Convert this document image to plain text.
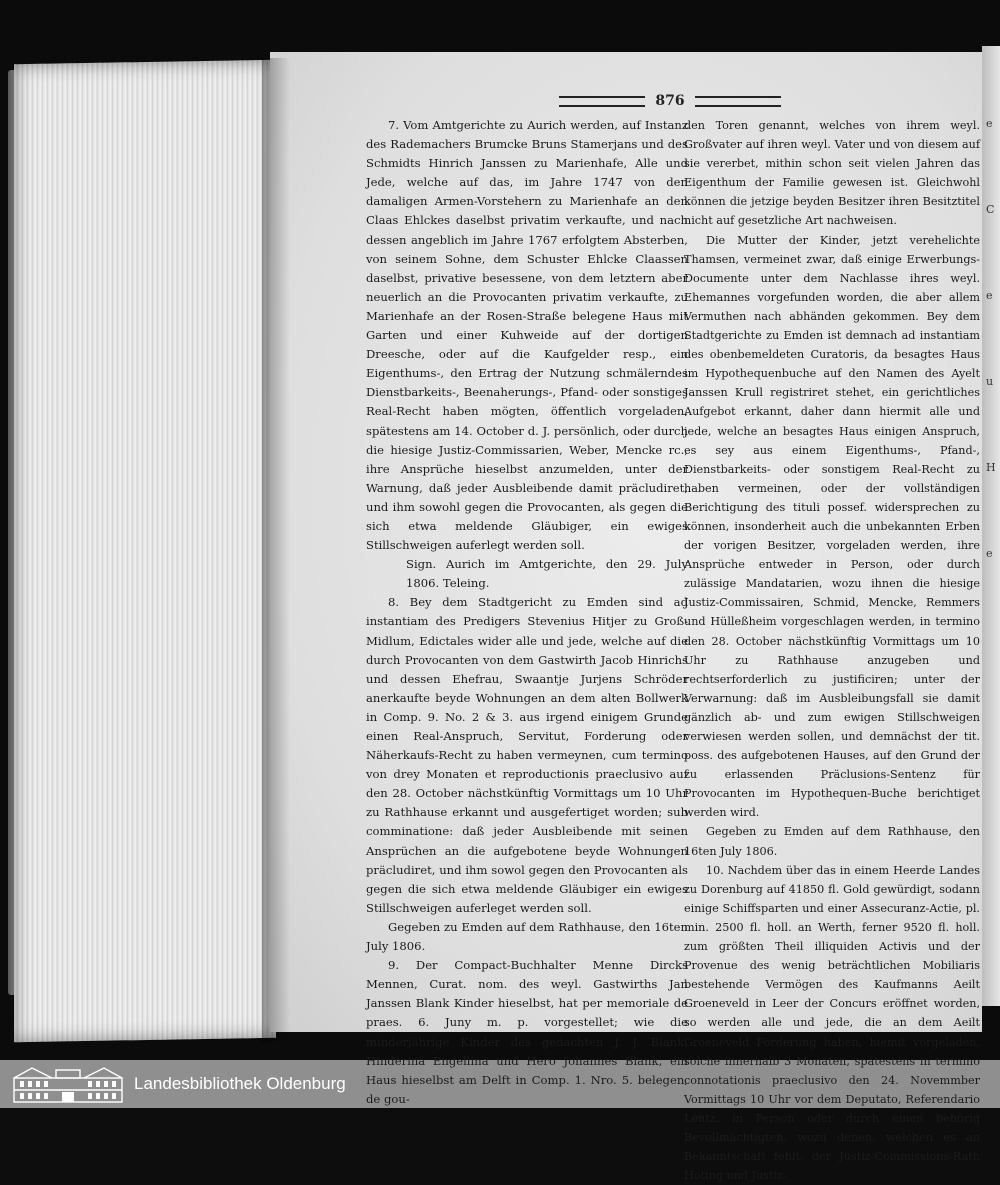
e
C
e
u
H
e
876

7. Vom Amtgerichte zu Aurich werden, auf Instanz des Rademachers Brumcke Bruns Stamerjans und des Schmidts Hinrich Janssen zu Marienhafe, Alle und Jede, welche auf das, im Jahre 1747 von den damaligen Armen-Vorstehern zu Marienhafe an den Claas Ehlckes daselbst privatim verkaufte, und nach dessen angeblich im Jahre 1767 erfolgtem Absterben, von seinem Sohne, dem Schuster Ehlcke Claassen daselbst, privative besessene, von dem letztern aber neuerlich an die Provocanten privatim verkaufte, zu Marienhafe an der Rosen-Straße belegene Haus mit Garten und einer Kuhweide auf der dortigen Dreesche, oder auf die Kaufgelder resp., ein Eigenthums-, den Ertrag der Nutzung schmälerndes Dienstbarkeits-, Beenaherungs-, Pfand- oder sonstiges Real-Recht haben mögten, öffentlich vorgeladen, spätestens am 14. October d. J. persönlich, oder durch die hiesige Justiz-Commissarien, Weber, Mencke rc., ihre Ansprüche hieselbst anzumelden, unter der Warnung, daß jeder Ausbleibende damit präcludiret, und ihm sowohl gegen die Provocanten, als gegen die sich etwa meldende Gläubiger, ein ewiges Stillschweigen auferlegt werden soll.

Sign. Aurich im Amtgerichte, den 29. July 1806. Teleing.

8. Bey dem Stadtgericht zu Emden sind ad instantiam des Predigers Stevenius Hitjer zu Groß-Midlum, Edictales wider alle und jede, welche auf die durch Provocanten von dem Gastwirth Jacob Hinrichs und dessen Ehefrau, Swaantje Jurjens Schröder anerkaufte beyde Wohnungen an dem alten Bollwerk in Comp. 9. No. 2 & 3. aus irgend einigem Grunde einen Real-Anspruch, Servitut, Forderung oder Näherkaufs-Recht zu haben vermeynen, cum termino von drey Monaten et reproductionis praeclusivo auf den 28. October nächstkünftig Vormittags um 10 Uhr zu Rathhause erkannt und ausgefertiget worden; sub comminatione: daß jeder Ausbleibende mit seinen Ansprüchen an die aufgebotene beyde Wohnungen präcludiret, und ihm sowol gegen den Provocanten als gegen die sich etwa meldende Gläubiger ein ewiges Stillschweigen auferleget werden soll.

Gegeben zu Emden auf dem Rathhause, den 16ten July 1806.

9. Der Compact-Buchhalter Menne Dircks Mennen, Curat. nom. des weyl. Gastwirths Jan Janssen Blank Kinder hieselbst, hat per memoriale de praes. 6. Juny m. p. vorgestellet; wie die minderjährige Kinder des gedachten J. J. Blank, Hinderina Engellina und Hero Johannes Blank, ein Haus hieselbst am Delft in Comp. 1. Nro. 5. belegen, de gou-

den Toren genannt, welches von ihrem weyl. Großvater auf ihren weyl. Vater und von diesem auf sie vererbet, mithin schon seit vielen Jahren das Eigenthum der Familie gewesen ist. Gleichwohl können die jetzige beyden Besitzer ihren Besitztitel nicht auf gesetzliche Art nachweisen.

Die Mutter der Kinder, jetzt verehelichte Thamsen, vermeinet zwar, daß einige Erwerbungs-Documente unter dem Nachlasse ihres weyl. Ehemannes vorgefunden worden, die aber allem Vermuthen nach abhänden gekommen. Bey dem Stadtgerichte zu Emden ist demnach ad instantiam des obenbemeldeten Curatoris, da besagtes Haus im Hypothequenbuche auf den Namen des Ayelt Janssen Krull registriret stehet, ein gerichtliches Aufgebot erkannt, daher dann hiermit alle und jede, welche an besagtes Haus einigen Anspruch, es sey aus einem Eigenthums-, Pfand-, Dienstbarkeits- oder sonstigem Real-Recht zu haben vermeinen, oder der vollständigen Berichtigung des tituli possef. widersprechen zu können, insonderheit auch die unbekannten Erben der vorigen Besitzer, vorgeladen werden, ihre Ansprüche entweder in Person, oder durch zulässige Mandatarien, wozu ihnen die hiesige Justiz-Commissairen, Schmid, Mencke, Remmers und Hülleßheim vorgeschlagen werden, in termino den 28. October nächstkünftig Vormittags um 10 Uhr zu Rathhause anzugeben und rechtserforderlich zu justificiren; unter der Verwarnung: daß im Ausbleibungsfall sie damit gänzlich ab- und zum ewigen Stillschweigen verwiesen werden sollen, und demnächst der tit. poss. des aufgebotenen Hauses, auf den Grund der zu erlassenden Präclusions-Sentenz für Provocanten im Hypothequen-Buche berichtiget werden wird.

Gegeben zu Emden auf dem Rathhause, den 16ten July 1806.

10. Nachdem über das in einem Heerde Landes zu Dorenburg auf 41850 fl. Gold gewürdigt, sodann einige Schiffsparten und einer Assecuranz-Actie, pl. min. 2500 fl. holl. an Werth, ferner 9520 fl. holl. zum größten Theil illiquiden Activis und der Provenue des wenig beträchtlichen Mobiliaris bestehende Vermögen des Kaufmanns Aeilt Groeneveld in Leer der Concurs eröffnet worden, so werden alle und jede, die an dem Aeilt Groeneveld Forderung haben, hiemit vorgeladen, solche innerhalb 3 Monaten, spätestens in termino connotationis praeclusivo den 24. Novemmber Vormittags 10 Uhr vor dem Deputato, Referendario Lentz, in Person oder durch einen behörig Bevollmächtigten, wozu denen, welchen es an Bekanntschaft fehlt, der Justiz-Commissions-Rath Hoting und Justiz-

Landesbibliothek Oldenburg
